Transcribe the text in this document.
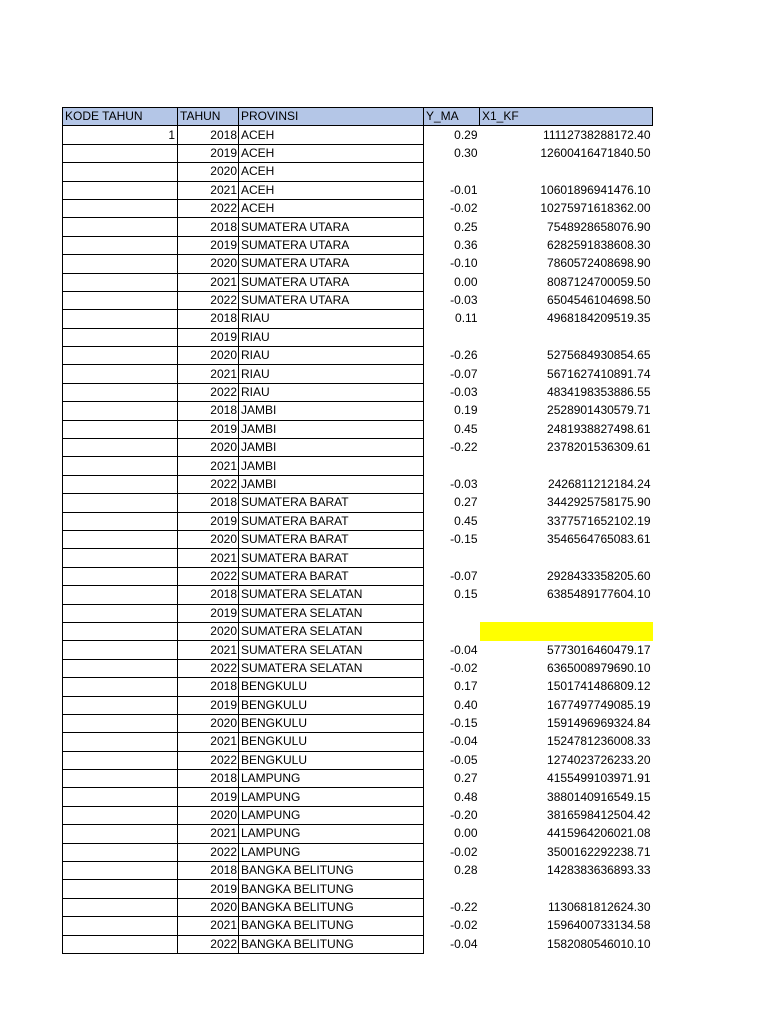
KODE TAHUN	TAHUN	PROVINSI	Y_MA	X1_KF
1	2018	ACEH	0.29	11112738288172.40
	2019	ACEH	0.30	12600416471840.50
	2020	ACEH		
	2021	ACEH	-0.01	10601896941476.10
	2022	ACEH	-0.02	10275971618362.00
	2018	SUMATERA UTARA	0.25	7548928658076.90
	2019	SUMATERA UTARA	0.36	6282591838608.30
	2020	SUMATERA UTARA	-0.10	7860572408698.90
	2021	SUMATERA UTARA	0.00	8087124700059.50
	2022	SUMATERA UTARA	-0.03	6504546104698.50
	2018	RIAU	0.11	4968184209519.35
	2019	RIAU		
	2020	RIAU	-0.26	5275684930854.65
	2021	RIAU	-0.07	5671627410891.74
	2022	RIAU	-0.03	4834198353886.55
	2018	JAMBI	0.19	2528901430579.71
	2019	JAMBI	0.45	2481938827498.61
	2020	JAMBI	-0.22	2378201536309.61
	2021	JAMBI		
	2022	JAMBI	-0.03	2426811212184.24
	2018	SUMATERA BARAT	0.27	3442925758175.90
	2019	SUMATERA BARAT	0.45	3377571652102.19
	2020	SUMATERA BARAT	-0.15	3546564765083.61
	2021	SUMATERA BARAT		
	2022	SUMATERA BARAT	-0.07	2928433358205.60
	2018	SUMATERA SELATAN	0.15	6385489177604.10
	2019	SUMATERA SELATAN		
	2020	SUMATERA SELATAN		
	2021	SUMATERA SELATAN	-0.04	5773016460479.17
	2022	SUMATERA SELATAN	-0.02	6365008979690.10
	2018	BENGKULU	0.17	1501741486809.12
	2019	BENGKULU	0.40	1677497749085.19
	2020	BENGKULU	-0.15	1591496969324.84
	2021	BENGKULU	-0.04	1524781236008.33
	2022	BENGKULU	-0.05	1274023726233.20
	2018	LAMPUNG	0.27	4155499103971.91
	2019	LAMPUNG	0.48	3880140916549.15
	2020	LAMPUNG	-0.20	3816598412504.42
	2021	LAMPUNG	0.00	4415964206021.08
	2022	LAMPUNG	-0.02	3500162292238.71
	2018	BANGKA BELITUNG	0.28	1428383636893.33
	2019	BANGKA BELITUNG		
	2020	BANGKA BELITUNG	-0.22	1130681812624.30
	2021	BANGKA BELITUNG	-0.02	1596400733134.58
	2022	BANGKA BELITUNG	-0.04	1582080546010.10
